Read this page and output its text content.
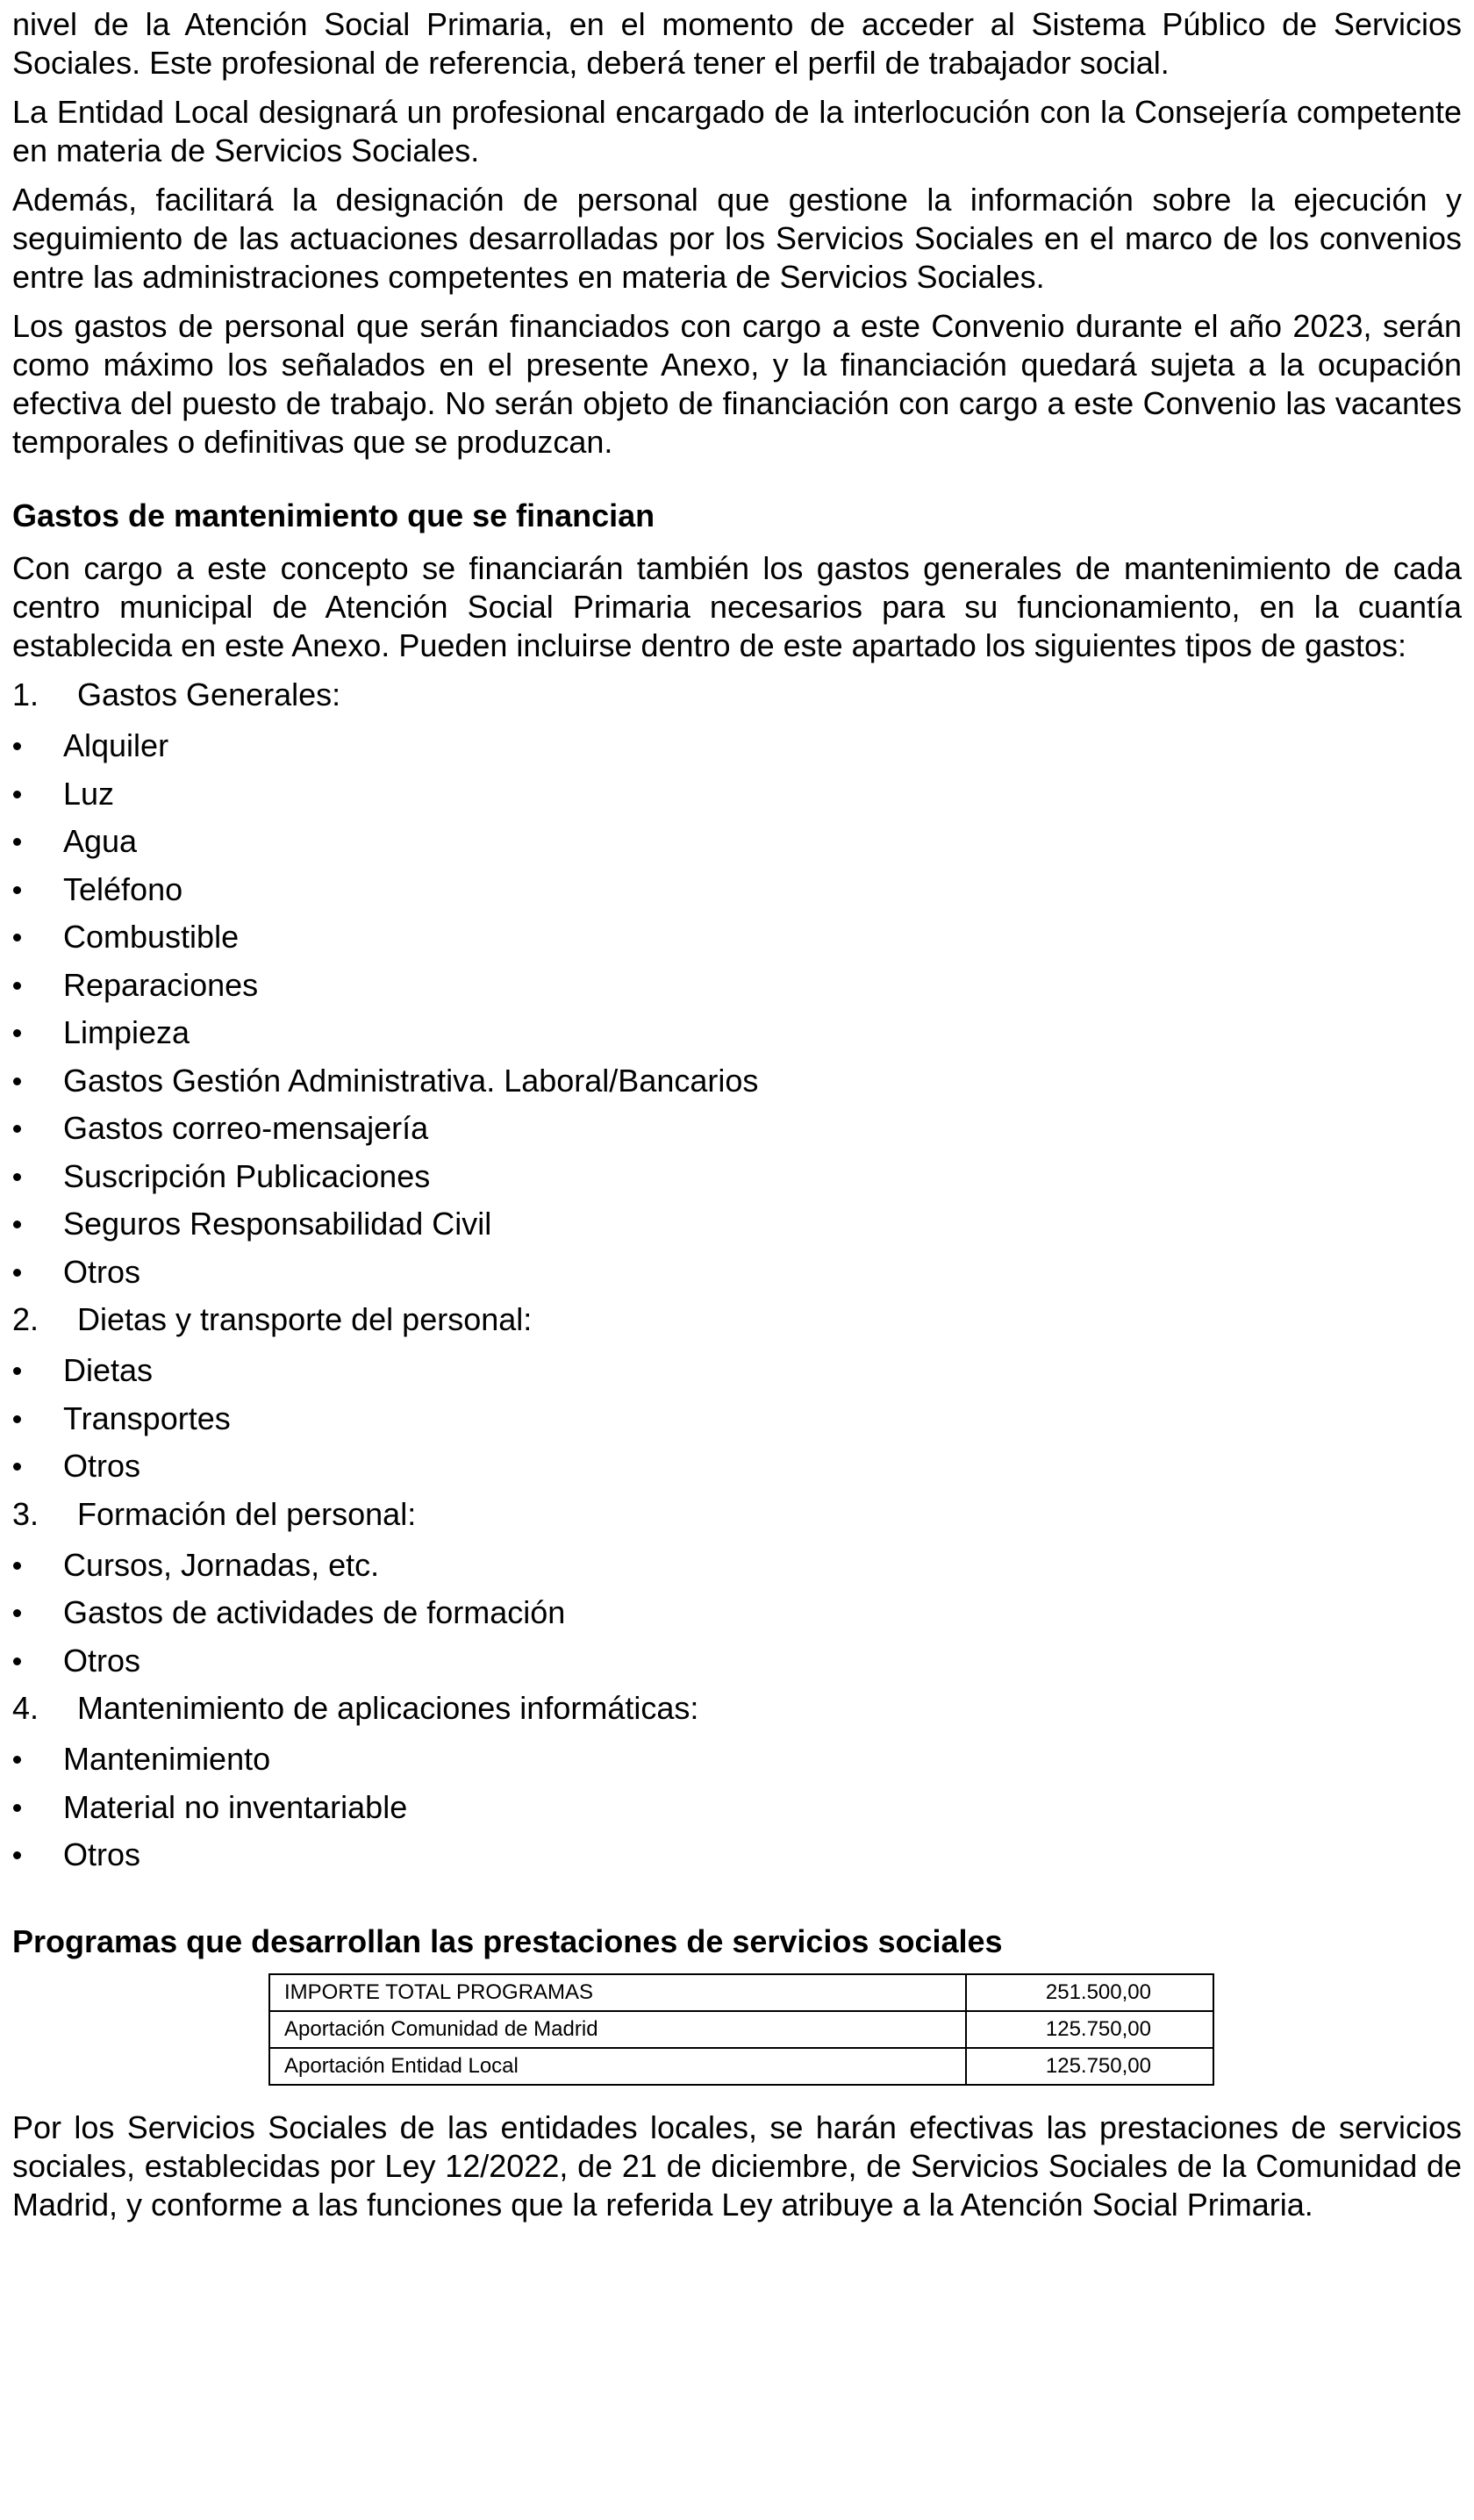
nivel de la Atención Social Primaria, en el momento de acceder al Sistema Público de Servicios Sociales. Este profesional de referencia, deberá tener el perfil de trabajador social.

La Entidad Local designará un profesional encargado de la interlocución con la Consejería competente en materia de Servicios Sociales.

Además, facilitará la designación de personal que gestione la información sobre la ejecución y seguimiento de las actuaciones desarrolladas por los Servicios Sociales en el marco de los convenios entre las administraciones competentes en materia de Servicios Sociales.

Los gastos de personal que serán financiados con cargo a este Convenio durante el año 2023, serán como máximo los señalados en el presente Anexo, y la financiación quedará sujeta a la ocupación efectiva del puesto de trabajo. No serán objeto de financiación con cargo a este Convenio las vacantes temporales o definitivas que se produzcan.

Gastos de mantenimiento que se financian

Con cargo a este concepto se financiarán también los gastos generales de mantenimiento de cada centro municipal de Atención Social Primaria necesarios para su funcionamiento, en la cuantía establecida en este Anexo. Pueden incluirse dentro de este apartado los siguientes tipos de gastos:

1.	Gastos Generales:
Alquiler
Luz
Agua
Teléfono
Combustible
Reparaciones
Limpieza
Gastos Gestión Administrativa. Laboral/Bancarios
Gastos correo-mensajería
Suscripción Publicaciones
Seguros Responsabilidad Civil
Otros
2.	Dietas y transporte del personal:
Dietas
Transportes
Otros
3.	Formación del personal:
Cursos, Jornadas, etc.
Gastos de actividades de formación
Otros
4.	Mantenimiento de aplicaciones informáticas:
Mantenimiento
Material no inventariable
Otros
Programas que desarrollan las prestaciones de servicios sociales
IMPORTE TOTAL PROGRAMAS	251.500,00
Aportación Comunidad de Madrid	125.750,00
Aportación Entidad Local	125.750,00

Por los Servicios Sociales de las entidades locales, se harán efectivas las prestaciones de servicios sociales, establecidas por Ley 12/2022, de 21 de diciembre, de Servicios Sociales de la Comunidad de Madrid, y conforme a las funciones que la referida Ley atribuye a la Atención Social Primaria.
